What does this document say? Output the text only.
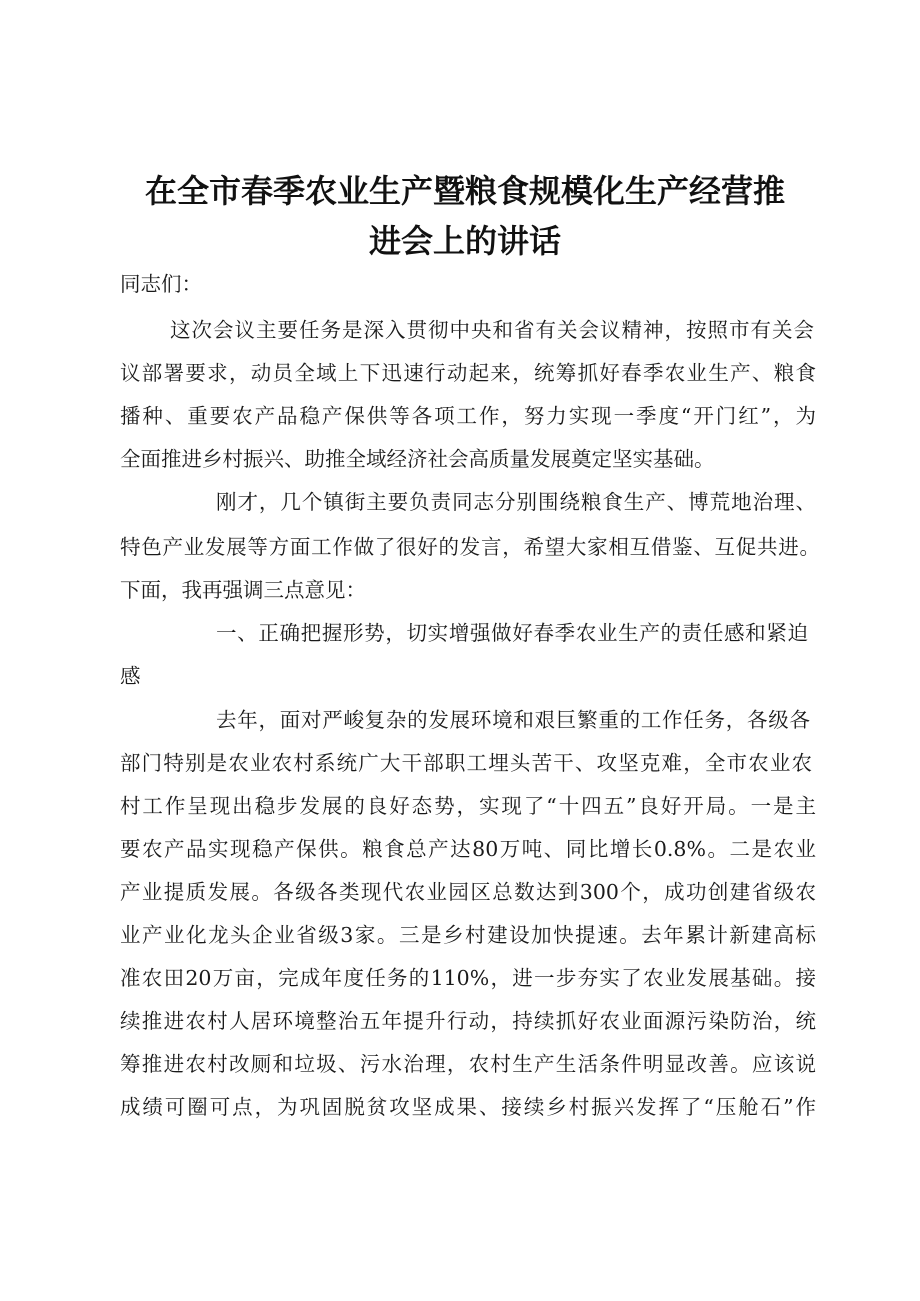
在全市春季农业生产暨粮食规模化生产经营推
进会上的讲话

同志们：

这次会议主要任务是深入贯彻中央和省有关会议精神，按照市有关会

议部署要求，动员全域上下迅速行动起来，统筹抓好春季农业生产、粮食

播种、重要农产品稳产保供等各项工作，努力实现一季度“开门红”，为

全面推进乡村振兴、助推全域经济社会高质量发展奠定坚实基础。

刚才，几个镇街主要负责同志分别围绕粮食生产、博荒地治理、

特色产业发展等方面工作做了很好的发言，希望大家相互借鉴、互促共进。

下面，我再强调三点意见：

一、正确把握形势，切实增强做好春季农业生产的责任感和紧迫

感

去年，面对严峻复杂的发展环境和艰巨繁重的工作任务，各级各

部门特别是农业农村系统广大干部职工埋头苦干、攻坚克难，全市农业农

村工作呈现出稳步发展的良好态势，实现了“十四五”良好开局。一是主

要农产品实现稳产保供。粮食总产达80万吨、同比增长0.8%。二是农业

产业提质发展。各级各类现代农业园区总数达到300个，成功创建省级农

业产业化龙头企业省级3家。三是乡村建设加快提速。去年累计新建高标

准农田20万亩，完成年度任务的110%，进一步夯实了农业发展基础。接

续推进农村人居环境整治五年提升行动，持续抓好农业面源污染防治，统

筹推进农村改厕和垃圾、污水治理，农村生产生活条件明显改善。应该说

成绩可圈可点，为巩固脱贫攻坚成果、接续乡村振兴发挥了“压舱石”作
